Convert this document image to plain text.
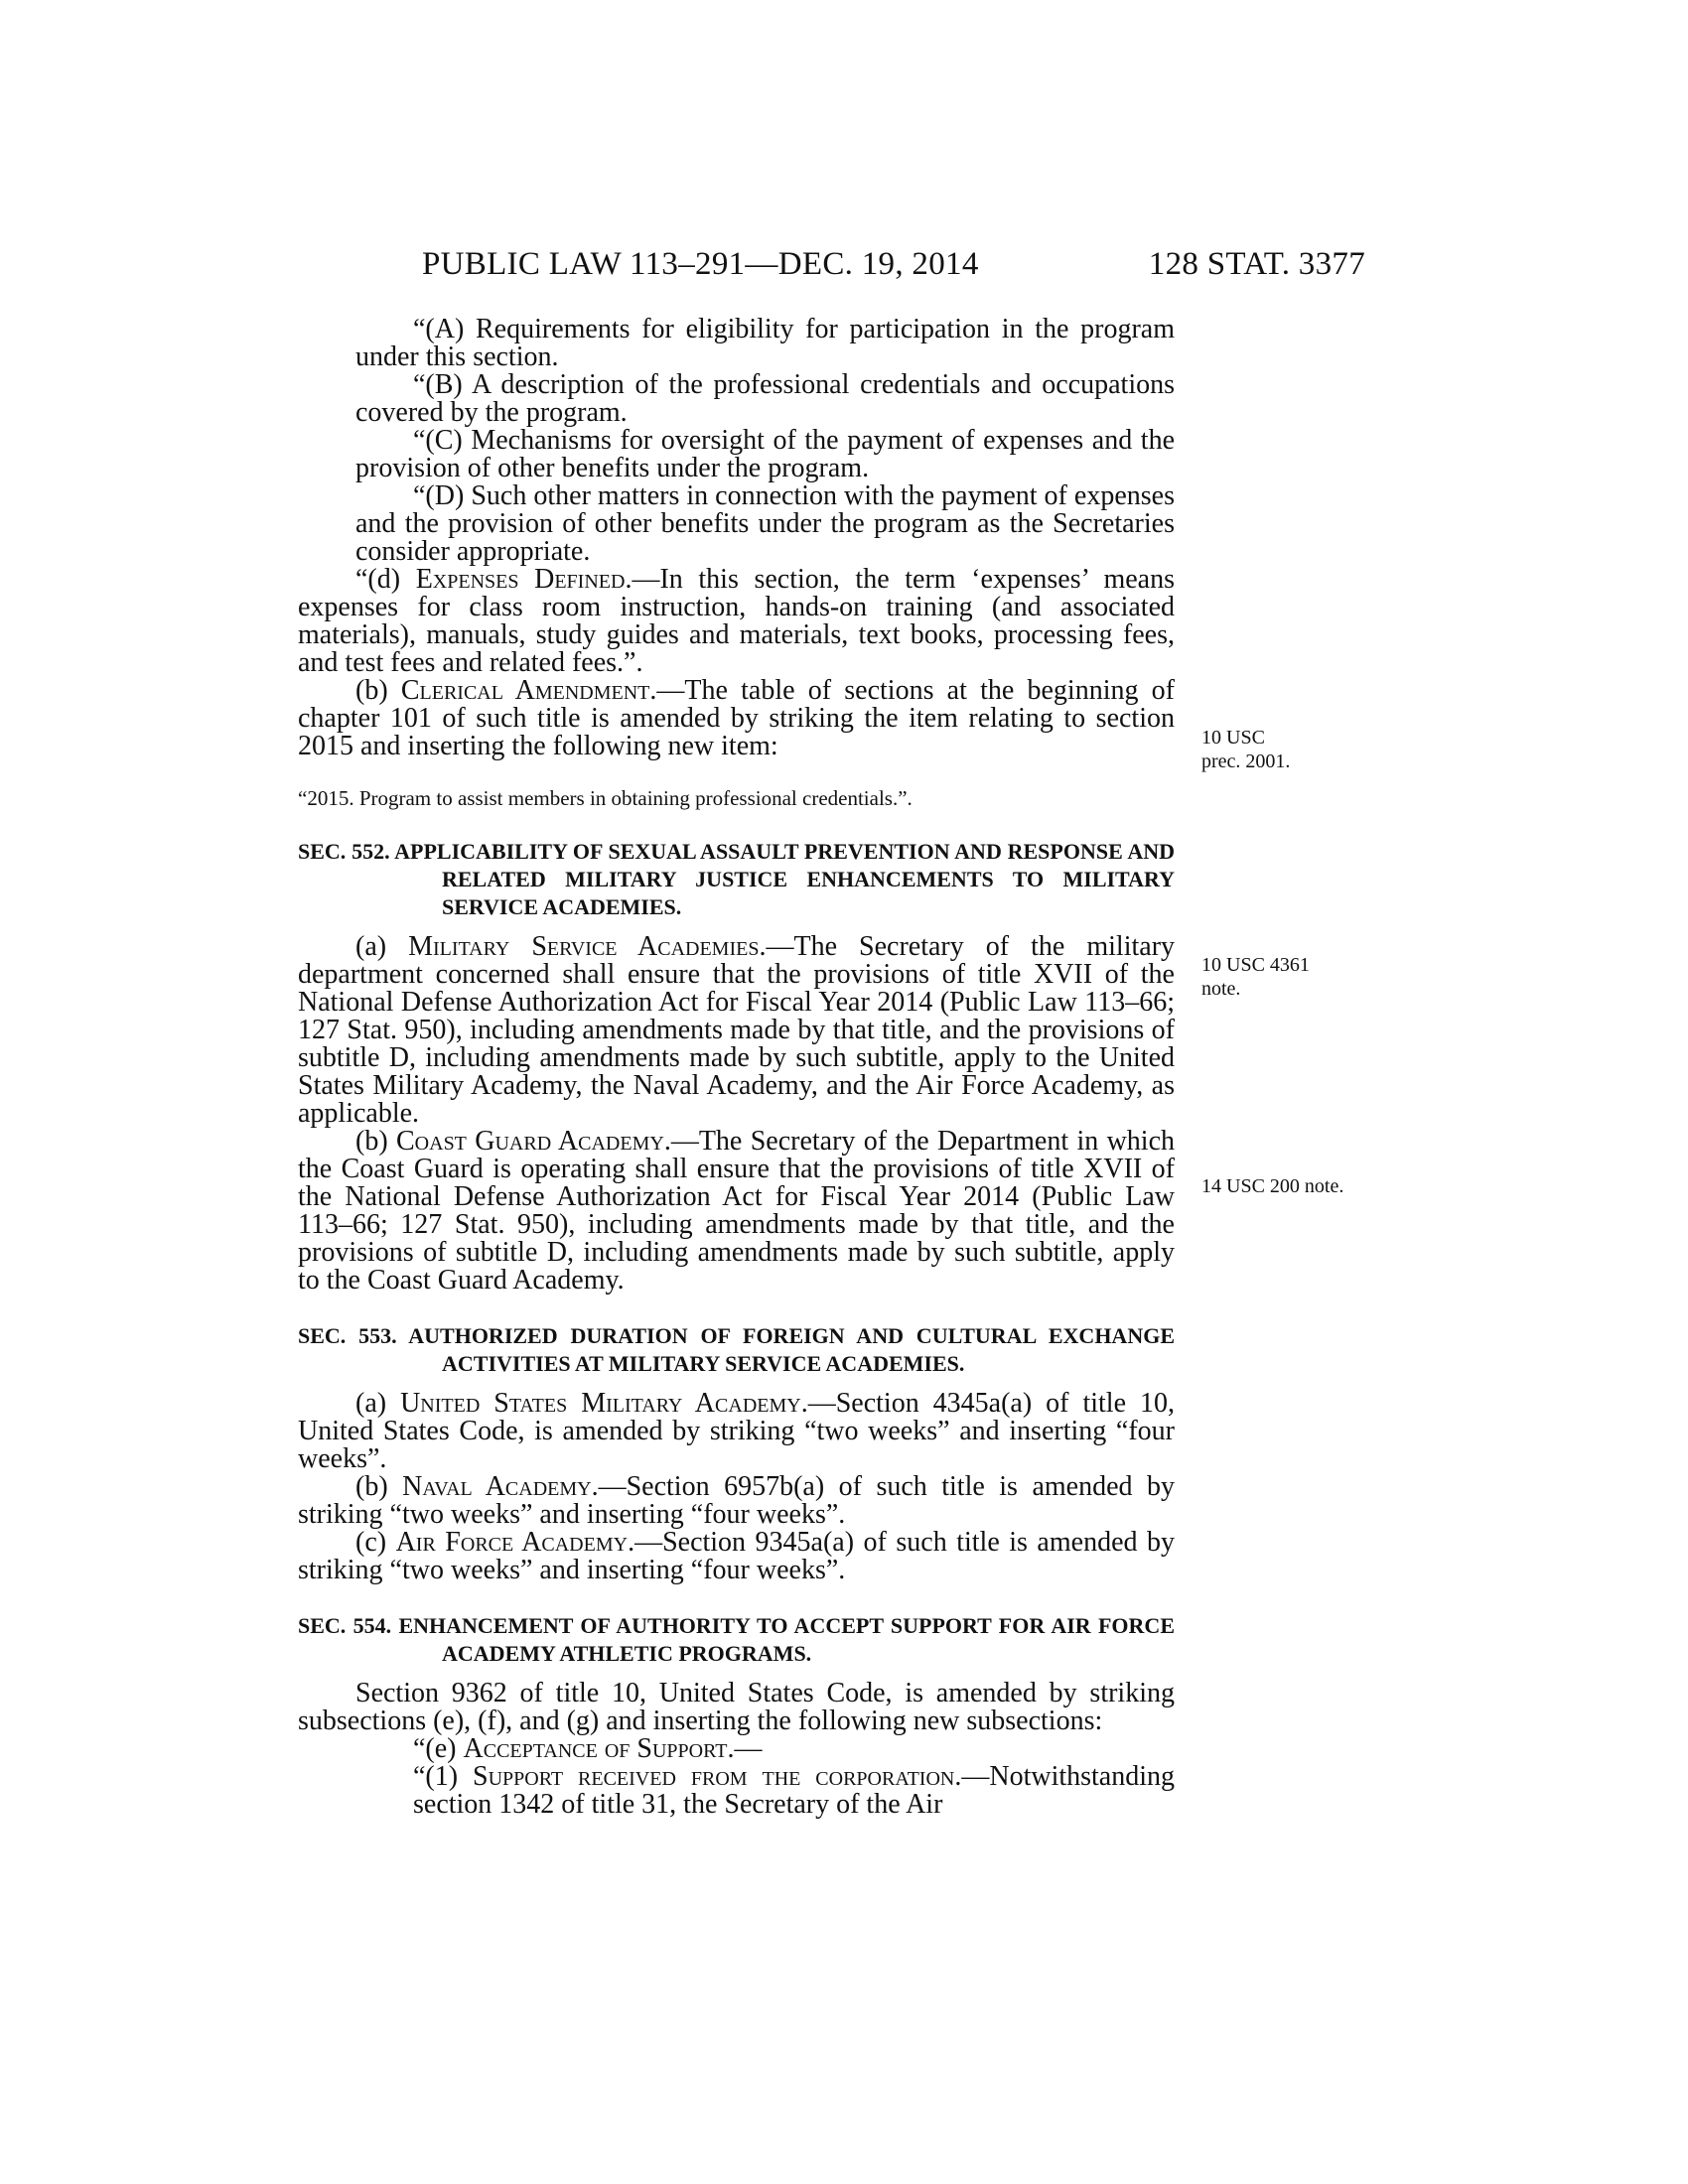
PUBLIC LAW 113–291—DEC. 19, 2014	128 STAT. 3377

“(A) Requirements for eligibility for participation in the program under this section.

“(B) A description of the professional credentials and occupations covered by the program.

“(C) Mechanisms for oversight of the payment of expenses and the provision of other benefits under the program.

“(D) Such other matters in connection with the payment of expenses and the provision of other benefits under the program as the Secretaries consider appropriate.

“(d) Expenses Defined.—In this section, the term ‘expenses’ means expenses for class room instruction, hands-on training (and associated materials), manuals, study guides and materials, text books, processing fees, and test fees and related fees.”.

(b) Clerical Amendment.—The table of sections at the beginning of chapter 101 of such title is amended by striking the item relating to section 2015 and inserting the following new item:

“2015. Program to assist members in obtaining professional credentials.”.

SEC. 552. APPLICABILITY OF SEXUAL ASSAULT PREVENTION AND RESPONSE AND RELATED MILITARY JUSTICE ENHANCEMENTS TO MILITARY SERVICE ACADEMIES.

(a) Military Service Academies.—The Secretary of the military department concerned shall ensure that the provisions of title XVII of the National Defense Authorization Act for Fiscal Year 2014 (Public Law 113–66; 127 Stat. 950), including amendments made by that title, and the provisions of subtitle D, including amendments made by such subtitle, apply to the United States Military Academy, the Naval Academy, and the Air Force Academy, as applicable.

(b) Coast Guard Academy.—The Secretary of the Department in which the Coast Guard is operating shall ensure that the provisions of title XVII of the National Defense Authorization Act for Fiscal Year 2014 (Public Law 113–66; 127 Stat. 950), including amendments made by that title, and the provisions of subtitle D, including amendments made by such subtitle, apply to the Coast Guard Academy.

SEC. 553. AUTHORIZED DURATION OF FOREIGN AND CULTURAL EXCHANGE ACTIVITIES AT MILITARY SERVICE ACADEMIES.

(a) United States Military Academy.—Section 4345a(a) of title 10, United States Code, is amended by striking “two weeks” and inserting “four weeks”.

(b) Naval Academy.—Section 6957b(a) of such title is amended by striking “two weeks” and inserting “four weeks”.

(c) Air Force Academy.—Section 9345a(a) of such title is amended by striking “two weeks” and inserting “four weeks”.

SEC. 554. ENHANCEMENT OF AUTHORITY TO ACCEPT SUPPORT FOR AIR FORCE ACADEMY ATHLETIC PROGRAMS.

Section 9362 of title 10, United States Code, is amended by striking subsections (e), (f), and (g) and inserting the following new subsections:

“(e) Acceptance of Support.—

“(1) Support received from the corporation.—Notwithstanding section 1342 of title 31, the Secretary of the Air

10 USC
prec. 2001.
10 USC 4361
note.
14 USC 200 note.
